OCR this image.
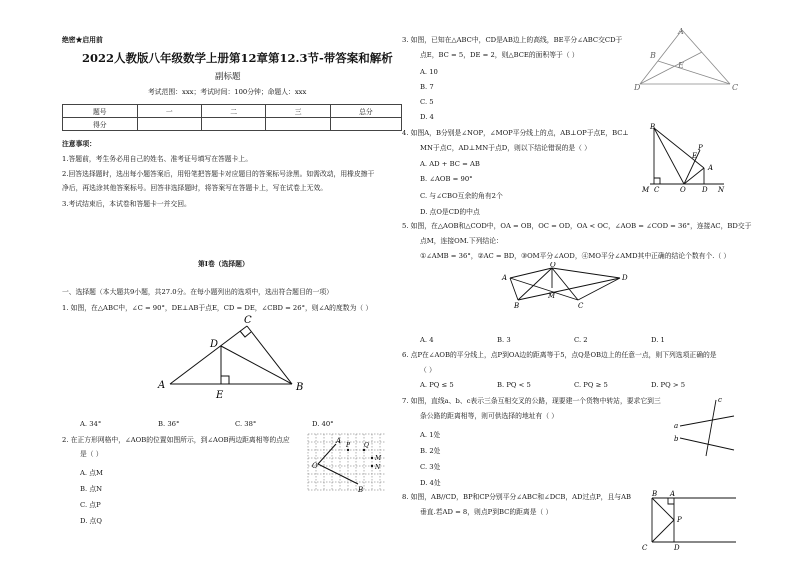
绝密★启用前
2022人教版八年级数学上册第12章第12.3节-带答案和解析
副标题
考试范围：xxx；考试时间：100分钟；命题人：xxx
题号	一	二	三	总分
得分				
注意事项：
1.答题前，考生务必用自己的姓名、准考证号填写在答题卡上。
2.回答选择题时，选出每小题答案后，用铅笔把答题卡对应题目的答案标号涂黑。如需改动，用橡皮擦干
净后，再选涂其他答案标号。回答非选择题时，将答案写在答题卡上，写在试卷上无效。
3.考试结束后，本试卷和答题卡一并交回。
第I卷（选择题）
一、选择题（本大题共9小题，共27.0分。在每小题列出的选项中，选出符合题目的一项）
1. 如图，在△ABC中，∠C = 90°，DE⊥AB于点E，CD = DE，∠CBD = 26°，则∠A的度数为（ ）
A	B
C
D
E
A. 34°	B. 36°	C. 38°	D. 40°
2. 在正方形网格中，∠AOB的位置如图所示，到∠AOB两边距离相等的点应
是（ ）
A. 点M
B. 点N
C. 点P
D. 点Q
O
A
B
P Q
M
N
3. 如图，已知在△ABC中，CD是AB边上的高线，BE平分∠ABC交CD于
点E，BC = 5，DE = 2，则△BCE的面积等于（ ）
A. 10
B. 7
C. 5
D. 4
A
D	C
B
E
4. 如图A，B分别是∠NOP，∠MOP平分线上的点，AB⊥OP于点E，BC⊥
MN于点C，AD⊥MN于点D，则以下结论错误的是（ ）
A. AD + BC = AB
B. ∠AOB = 90°
C. 与∠CBO互余的角有2个
D. 点O是CD的中点
B
E
P
A
M C	O D N
5. 如图，在△AOB和△COD中，OA = OB，OC = OD，OA < OC，∠AOB = ∠COD = 36°，连接AC，BD交于
点M，连接OM.下列结论：
①∠AMB = 36°，②AC = BD，③OM平分∠AOD，④MO平分∠AMD其中正确的结论个数有个.（ ）
A
O
D
B
M
C
A. 4	B. 3	C. 2	D. 1
6. 点P在∠AOB的平分线上，点P到OA边的距离等于5，点Q是OB边上的任意一点，则下列选项正确的是
（ ）
A. PQ ≤ 5	B. PQ < 5	C. PQ ≥ 5	D. PQ > 5
7. 如图，直线a、b、c表示三条互相交叉的公路，现要建一个货物中转站，要求它到三
条公路的距离相等，则可供选择的地址有（ ）
A. 1处
B. 2处
C. 3处
D. 4处
a
b
c
8. 如图，AB//CD，BP和CP分别平分∠ABC和∠DCB，AD过点P，且与AB
垂直.若AD = 8，则点P到BC的距离是（ ）
B A
P
C	D
